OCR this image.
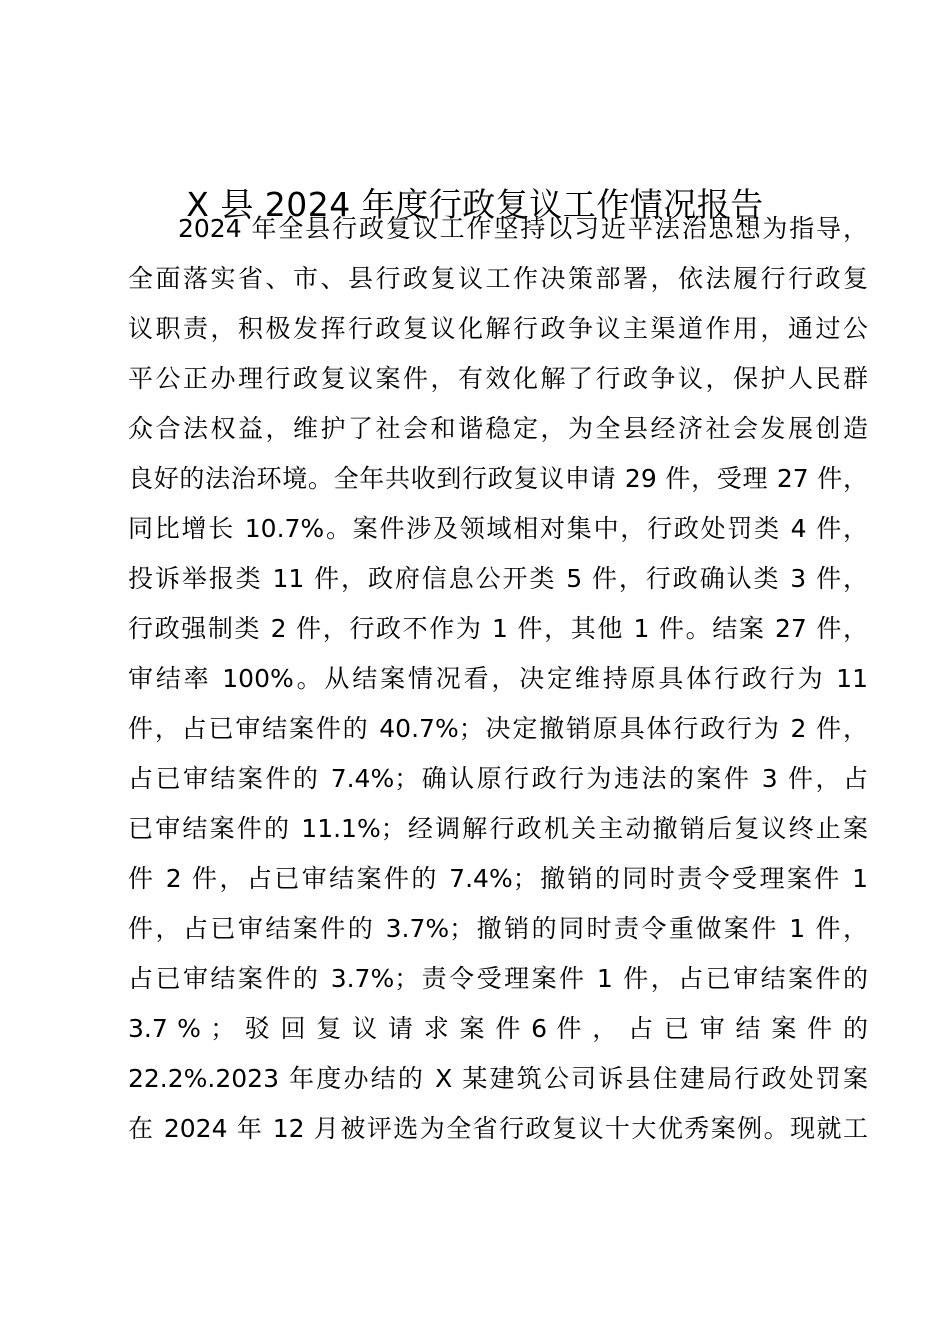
X 县 2024 年度行政复议工作情况报告
2024 年全县行政复议工作坚持以习近平法治思想为指导，
全面落实省、市、县行政复议工作决策部署，依法履行行政复
议职责，积极发挥行政复议化解行政争议主渠道作用，通过公
平公正办理行政复议案件，有效化解了行政争议，保护人民群
众合法权益，维护了社会和谐稳定，为全县经济社会发展创造
良好的法治环境。全年共收到行政复议申请 29 件，受理 27 件，
同比增长 10.7%。案件涉及领域相对集中，行政处罚类 4 件，
投诉举报类 11 件，政府信息公开类 5 件，行政确认类 3 件，
行政强制类 2 件，行政不作为 1 件，其他 1 件。结案 27 件，
审结率 100%。从结案情况看，决定维持原具体行政行为 11
件，占已审结案件的 40.7%；决定撤销原具体行政行为 2 件，
占已审结案件的 7.4%；确认原行政行为违法的案件 3 件，占
已审结案件的 11.1%；经调解行政机关主动撤销后复议终止案
件 2 件，占已审结案件的 7.4%；撤销的同时责令受理案件 1
件，占已审结案件的 3.7%；撤销的同时责令重做案件 1 件，
占已审结案件的 3.7%；责令受理案件 1 件，占已审结案件的
3.7 % ； 驳 回 复 议 请 求 案 件 6 件 ， 占 已 审 结 案 件 的
22.2%.2023 年度办结的 X 某建筑公司诉县住建局行政处罚案
在 2024 年 12 月被评选为全省行政复议十大优秀案例。现就工
